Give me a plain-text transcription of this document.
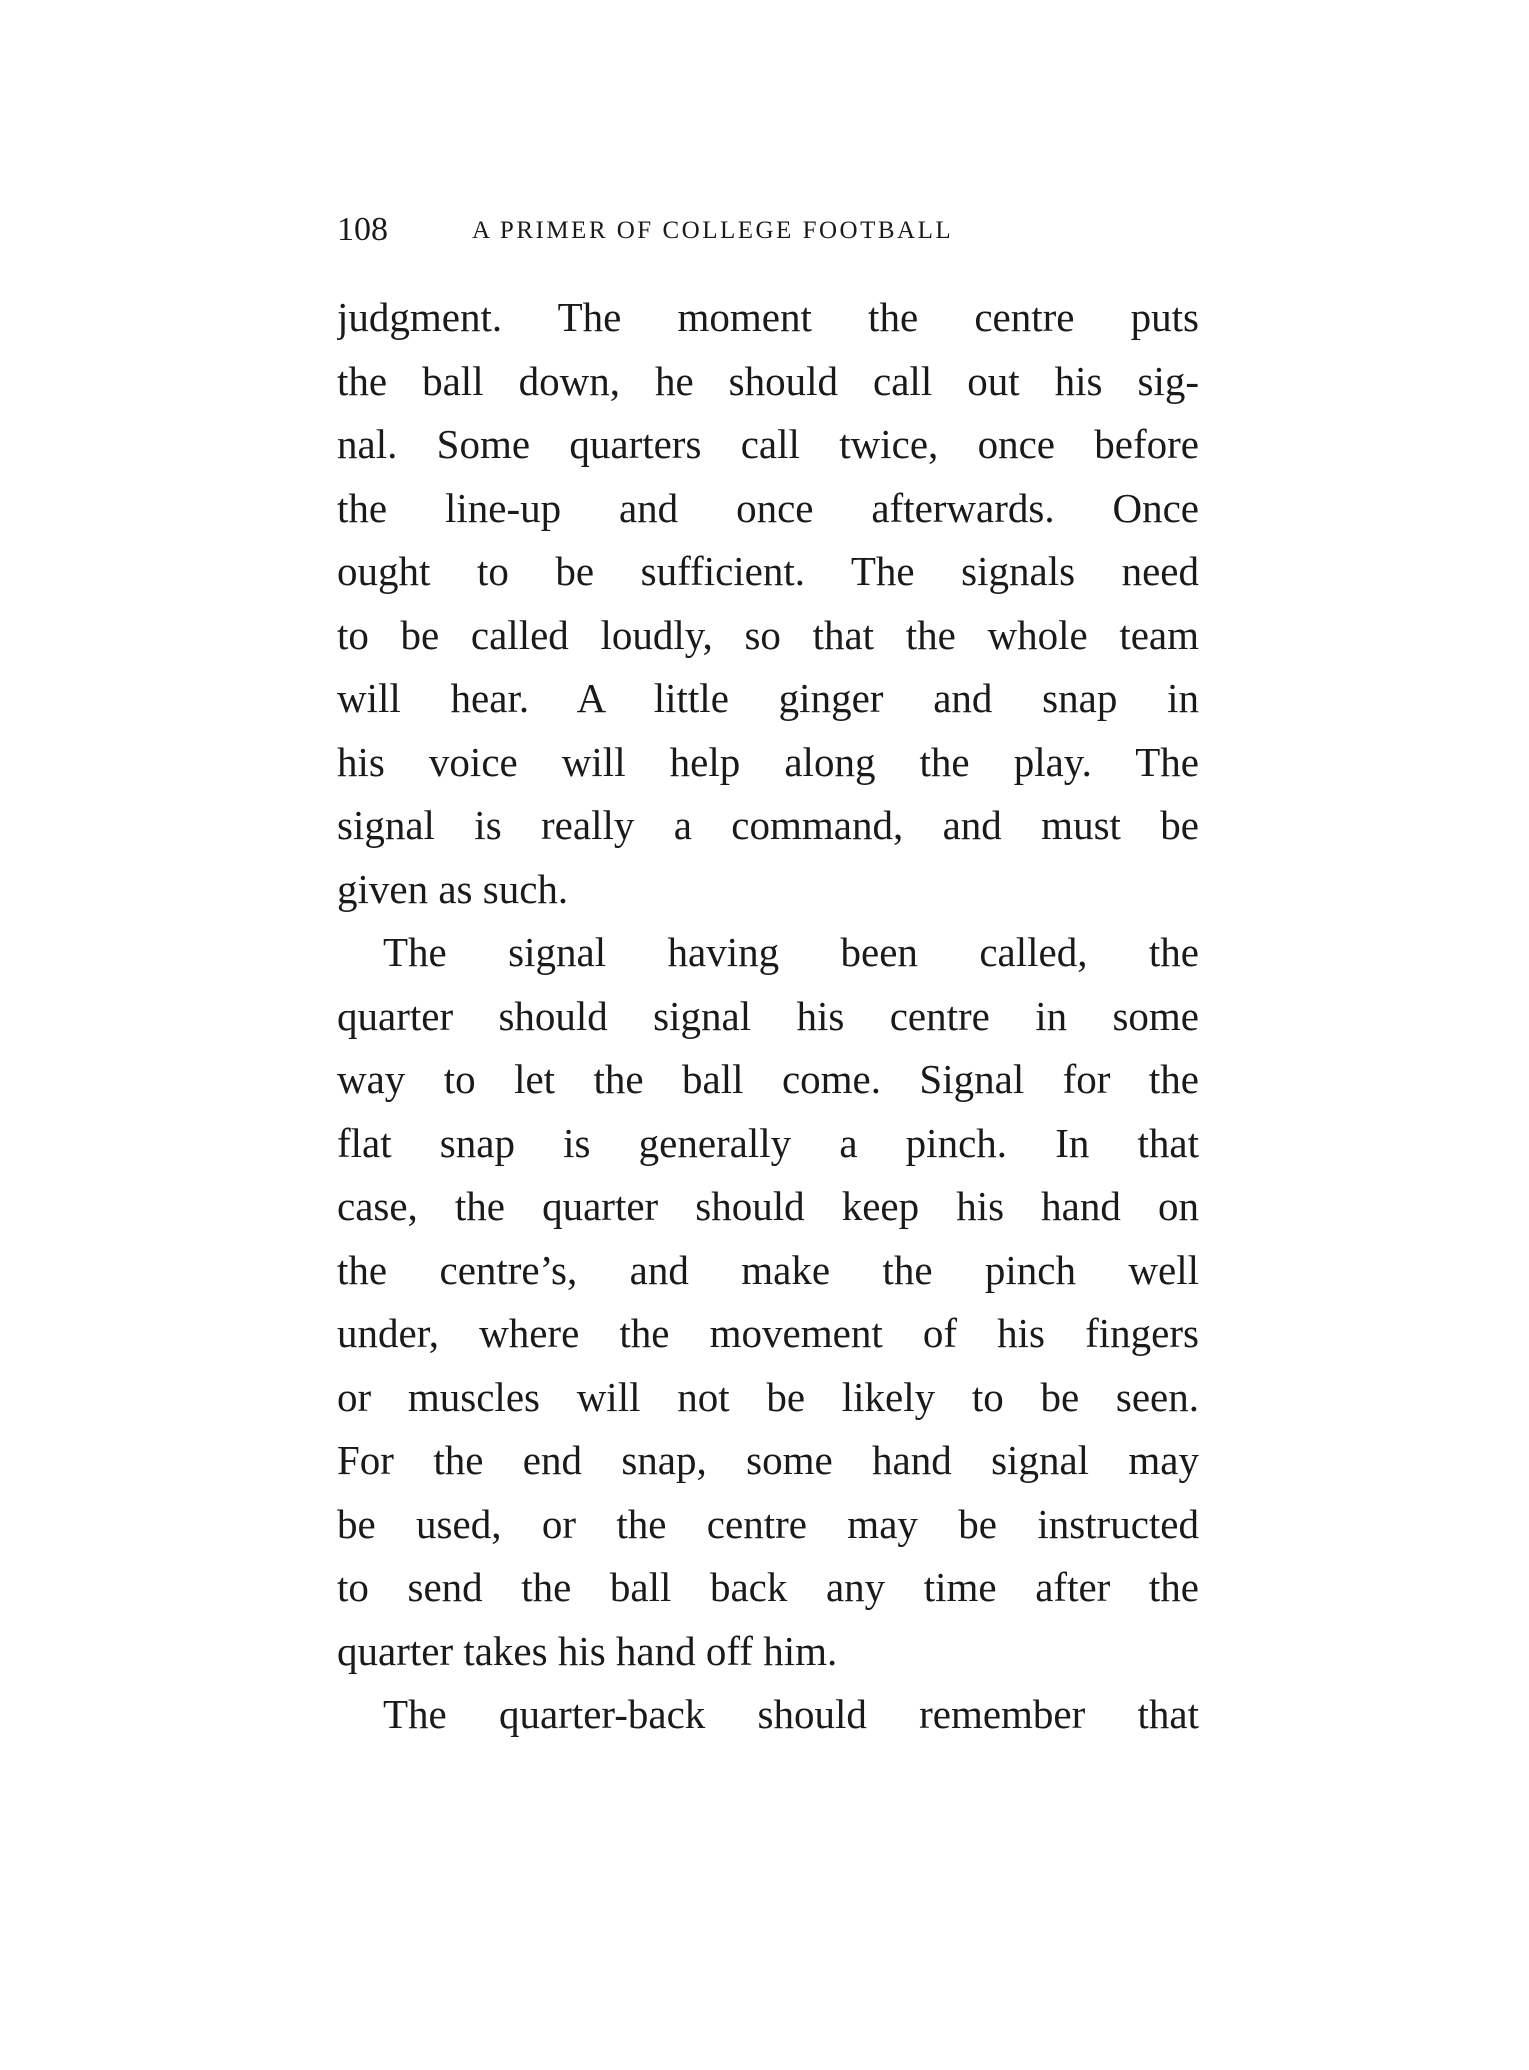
108	A PRIMER OF COLLEGE FOOTBALL
judgment. The moment the centre puts
the ball down, he should call out his sig-
nal. Some quarters call twice, once before
the line-up and once afterwards. Once
ought to be sufficient. The signals need
to be called loudly, so that the whole team
will hear. A little ginger and snap in
his voice will help along the play. The
signal is really a command, and must be
given as such.
The signal having been called, the
quarter should signal his centre in some
way to let the ball come. Signal for the
flat snap is generally a pinch. In that
case, the quarter should keep his hand on
the centre’s, and make the pinch well
under, where the movement of his fingers
or muscles will not be likely to be seen.
For the end snap, some hand signal may
be used, or the centre may be instructed
to send the ball back any time after the
quarter takes his hand off him.
The quarter-back should remember that
